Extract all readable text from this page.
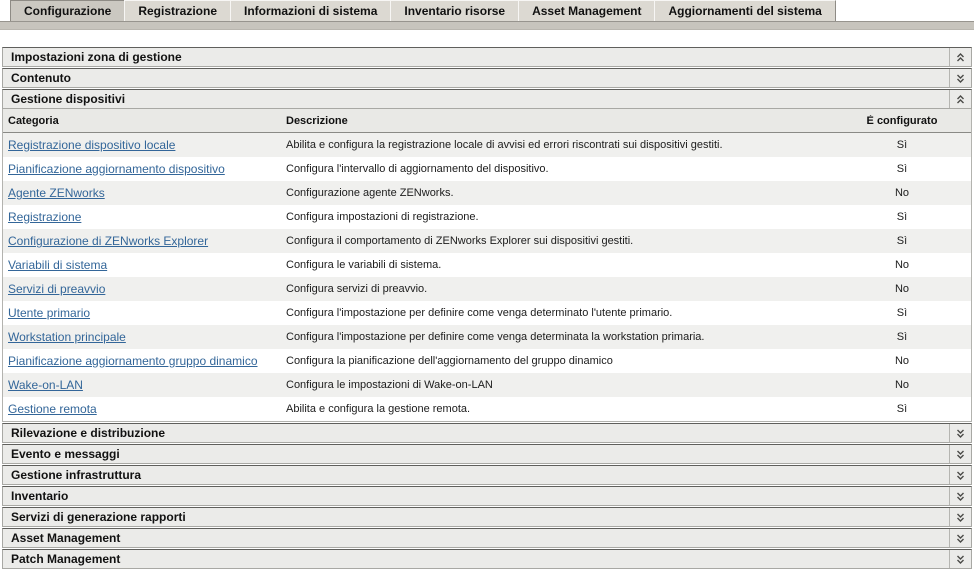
Configurazione	Registrazione	Informazioni di sistema	Inventario risorse	Asset Management	Aggiornamenti del sistema
Impostazioni zona di gestione
Contenuto
Gestione dispositivi
Categoria	Descrizione	È configurato
Registrazione dispositivo locale	Abilita e configura la registrazione locale di avvisi ed errori riscontrati sui dispositivi gestiti.	Sì
Pianificazione aggiornamento dispositivo	Configura l'intervallo di aggiornamento del dispositivo.	Sì
Agente ZENworks	Configurazione agente ZENworks.	No
Registrazione	Configura impostazioni di registrazione.	Sì
Configurazione di ZENworks Explorer	Configura il comportamento di ZENworks Explorer sui dispositivi gestiti.	Sì
Variabili di sistema	Configura le variabili di sistema.	No
Servizi di preavvio	Configura servizi di preavvio.	No
Utente primario	Configura l'impostazione per definire come venga determinato l'utente primario.	Sì
Workstation principale	Configura l'impostazione per definire come venga determinata la workstation primaria.	Sì
Pianificazione aggiornamento gruppo dinamico	Configura la pianificazione dell'aggiornamento del gruppo dinamico	No
Wake-on-LAN	Configura le impostazioni di Wake-on-LAN	No
Gestione remota	Abilita e configura la gestione remota.	Sì
Rilevazione e distribuzione
Evento e messaggi
Gestione infrastruttura
Inventario
Servizi di generazione rapporti
Asset Management
Patch Management
